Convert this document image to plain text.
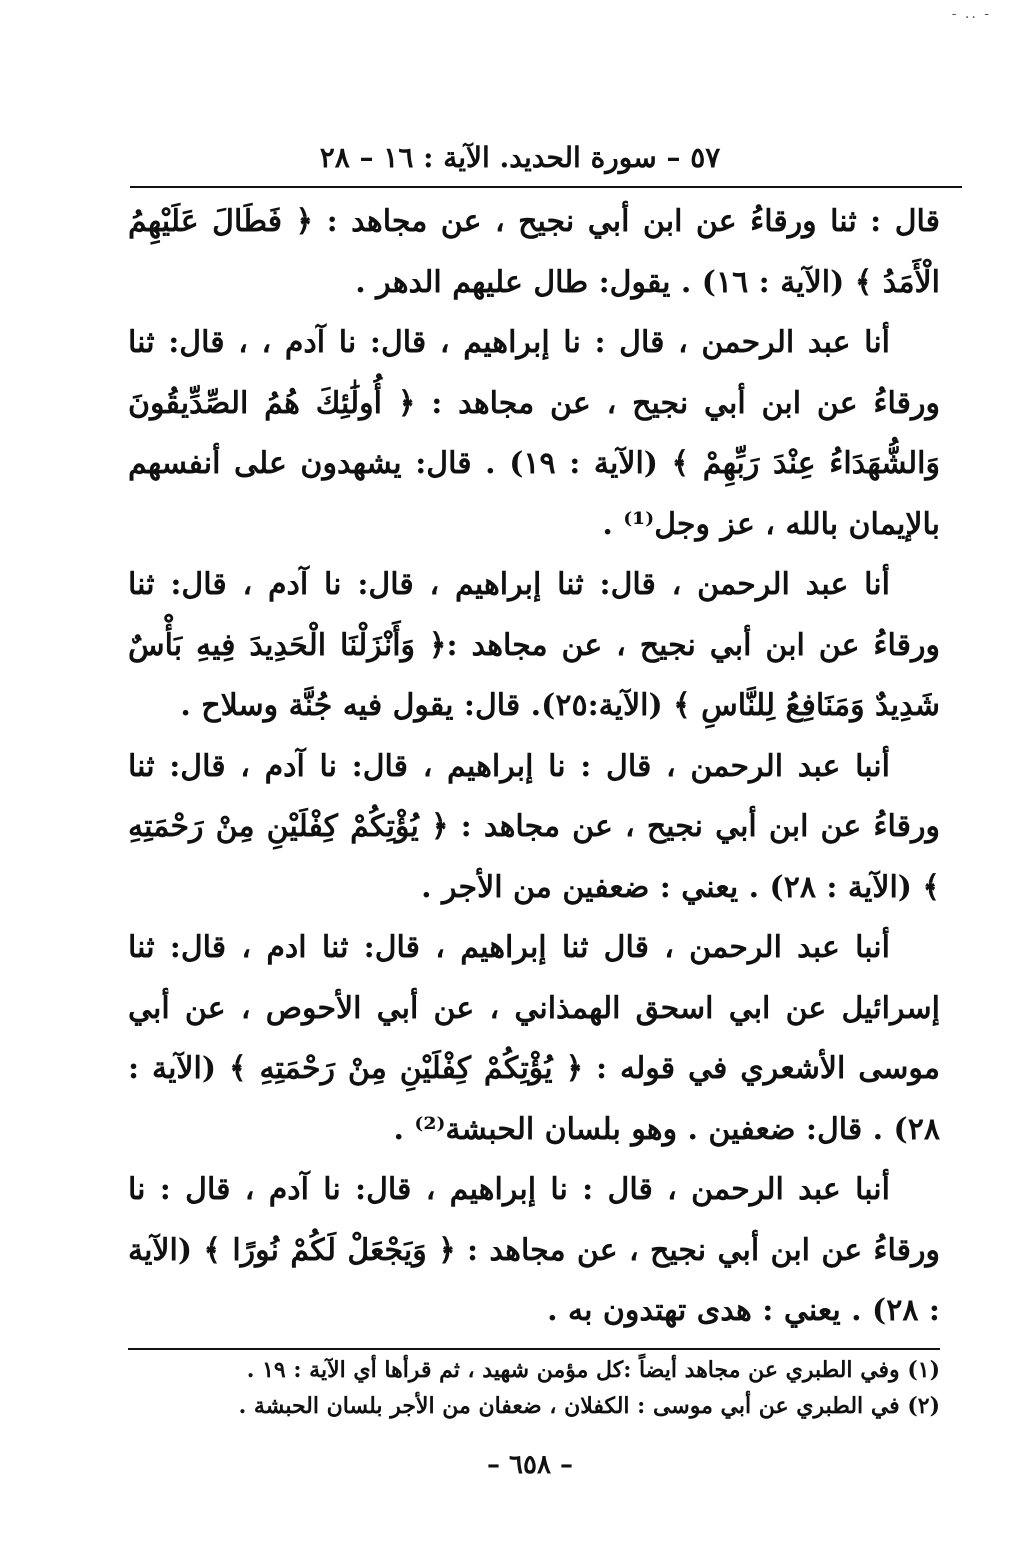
- .. -
٥٧ – سورة الحديد. الآية : ١٦ – ٢٨

قال : ثنا ورقاءُ عن ابن أبي نجيح ، عن مجاهد : ﴿ فَطَالَ عَلَيْهِمُ الْأَمَدُ ﴾ (الآية : ١٦) . يقول: طال عليهم الدهر .

أنا عبد الرحمن ، قال : نا إبراهيم ، قال: نا آدم ، ، قال: ثنا ورقاءُ عن ابن أبي نجيح ، عن مجاهد : ﴿ أُولَٰئِكَ هُمُ الصِّدِّيقُونَ وَالشُّهَدَاءُ عِنْدَ رَبِّهِمْ ﴾ (الآية : ١٩) . قال: يشهدون على أنفسهم بالإيمان بالله ، عز وجل⁽¹⁾ .

أنا عبد الرحمن ، قال: ثنا إبراهيم ، قال: نا آدم ، قال: ثنا ورقاءُ عن ابن أبي نجيح ، عن مجاهد :﴿ وَأَنْزَلْنَا الْحَدِيدَ فِيهِ بَأْسٌ شَدِيدٌ وَمَنَافِعُ لِلنَّاسِ ﴾ (الآية:٢٥). قال: يقول فيه جُنَّة وسلاح .

أنبا عبد الرحمن ، قال : نا إبراهيم ، قال: نا آدم ، قال: ثنا ورقاءُ عن ابن أبي نجيح ، عن مجاهد : ﴿ يُؤْتِكُمْ كِفْلَيْنِ مِنْ رَحْمَتِهِ ﴾ (الآية : ٢٨) . يعني : ضعفين من الأجر .

أنبا عبد الرحمن ، قال ثنا إبراهيم ، قال: ثنا ادم ، قال: ثنا إسرائيل عن ابي اسحق الهمذاني ، عن أبي الأحوص ، عن أبي موسى الأشعري في قوله : ﴿ يُؤْتِكُمْ كِفْلَيْنِ مِنْ رَحْمَتِهِ ﴾ (الآية : ٢٨) . قال: ضعفين . وهو بلسان الحبشة⁽²⁾ .

أنبا عبد الرحمن ، قال : نا إبراهيم ، قال: نا آدم ، قال : نا ورقاءُ عن ابن أبي نجيح ، عن مجاهد : ﴿ وَيَجْعَلْ لَكُمْ نُورًا ﴾ (الآية : ٢٨) . يعني : هدى تهتدون به .

(١) وفي الطبري عن مجاهد أيضاً :كل مؤمن شهيد ، ثم قرأها أي الآية : ١٩ .
(٢) في الطبري عن أبي موسى : الكفلان ، ضعفان من الأجر بلسان الحبشة .
– ٦٥٨ –
